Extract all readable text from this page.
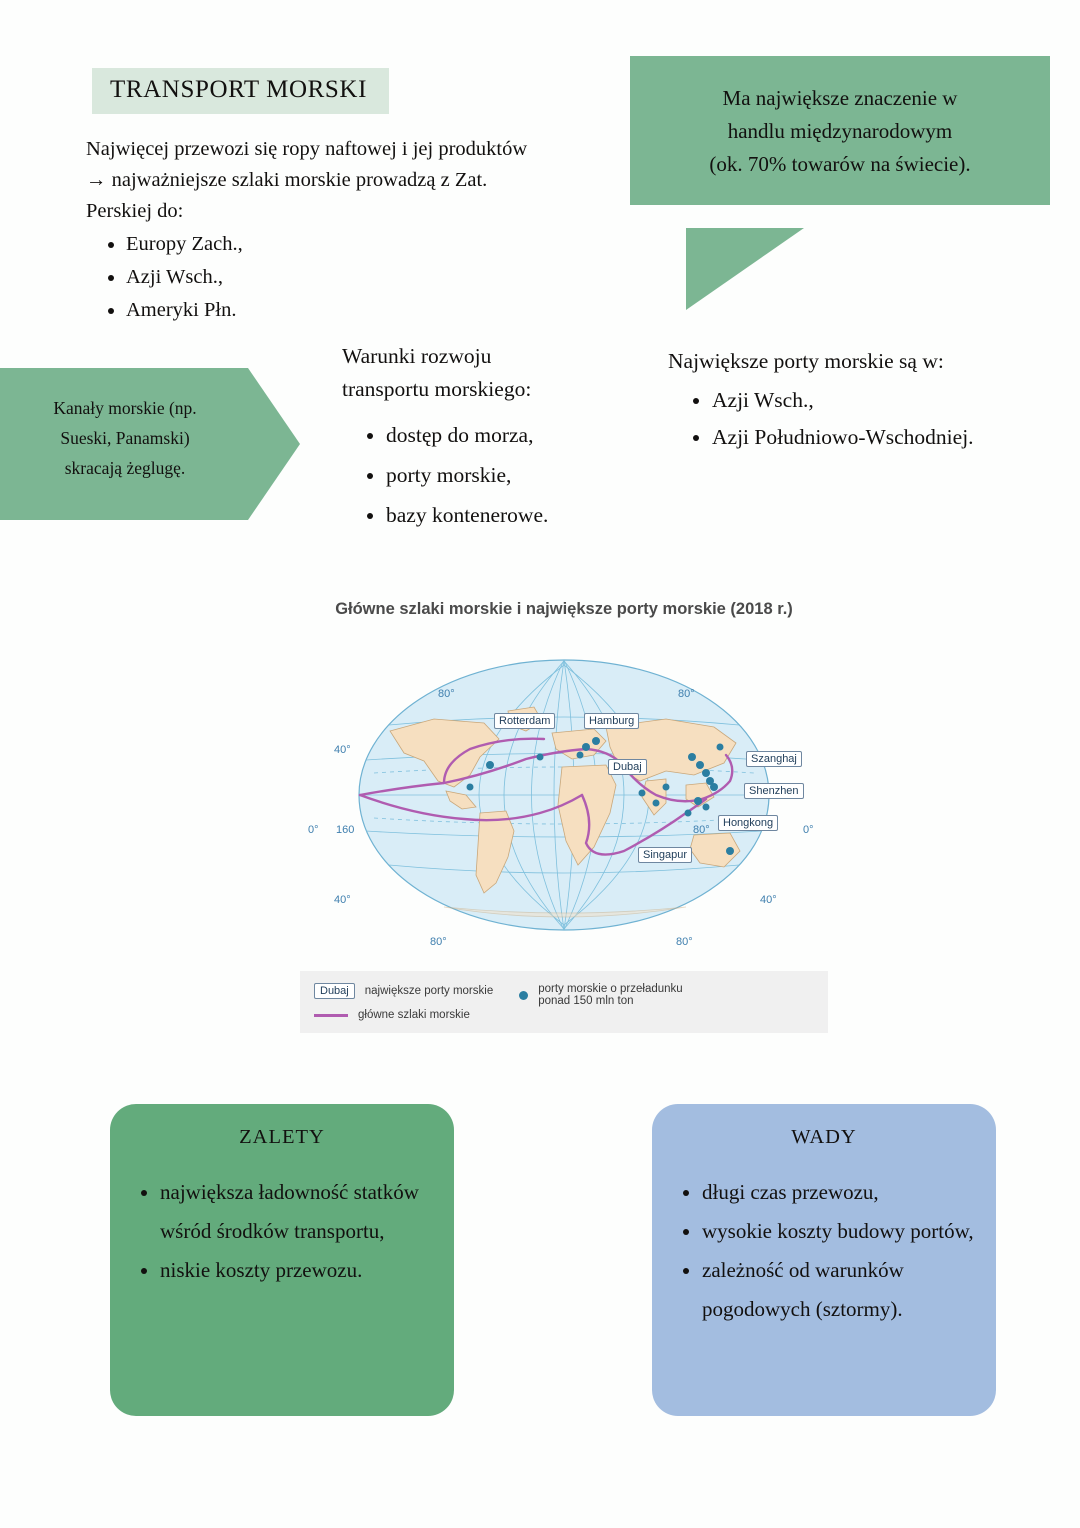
TRANSPORT MORSKI
Najwięcej przewozi się ropy naftowej i jej produktów
→ najważniejsze szlaki morskie prowadzą z Zat.
Perskiej do:
• Europy Zach.,
• Azji Wsch.,
• Ameryki Płn.
Ma największe znaczenie w
handlu międzynarodowym
(ok. 70% towarów na świecie).
Kanały morskie (np.
Sueski, Panamski)
skracają żeglugę.
Warunki rozwoju
transportu morskiego:
• dostęp do morza,
• porty morskie,
• bazy kontenerowe.
Największe porty morskie są w:
• Azji Wsch.,
• Azji Południowo-Wschodniej.
Główne szlaki morskie i największe porty morskie (2018 r.)
80°	80°
40°
0°	0°
160
40°	40°
80°	80°
80°
Rotterdam	Hamburg
Dubaj
Szanghaj
Shenzhen
Hongkong
Singapur
Dubaj	największe porty morskie
główne szlaki morskie
porty morskie o przeładunku
ponad 150 mln ton
ZALETY
• największa ładowność statków wśród środków transportu,
• niskie koszty przewozu.
WADY
• długi czas przewozu,
• wysokie koszty budowy portów,
• zależność od warunków pogodowych (sztormy).
